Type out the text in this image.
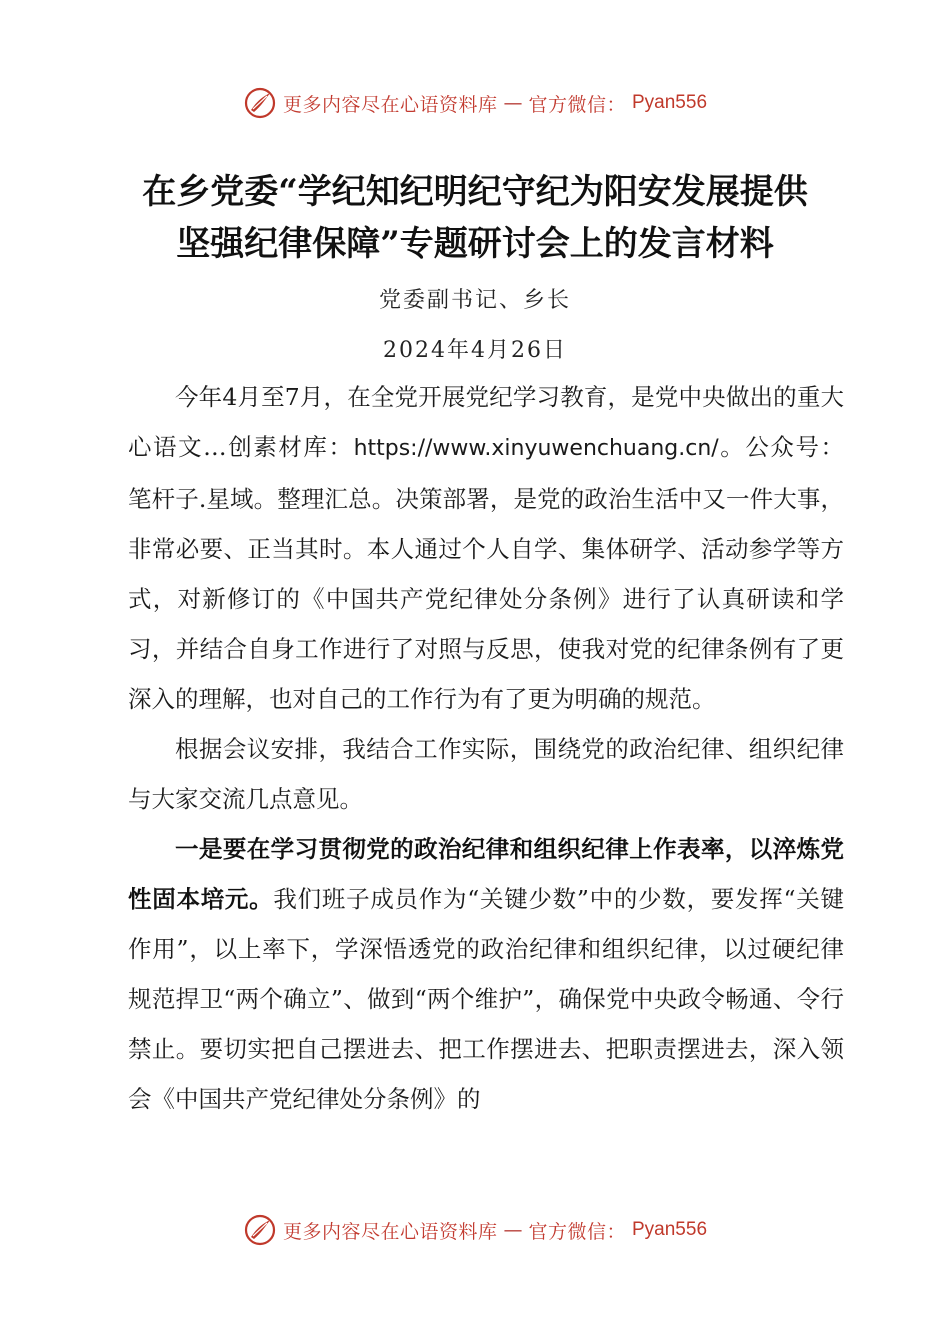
更多内容尽在心语资料库 — 官方微信： Pyan556
在乡党委“学纪知纪明纪守纪为阳安发展提供
坚强纪律保障”专题研讨会上的发言材料
党委副书记、乡长
2024年4月26日

今年4月至7月，在全党开展党纪学习教育，是党中央做出的重大心语文…创素材库：https://www.xinyuwenchuang.cn/。公众号：笔杆子.星域。整理汇总。决策部署，是党的政治生活中又一件大事，非常必要、正当其时。本人通过个人自学、集体研学、活动参学等方式，对新修订的《中国共产党纪律处分条例》进行了认真研读和学习，并结合自身工作进行了对照与反思，使我对党的纪律条例有了更深入的理解，也对自己的工作行为有了更为明确的规范。

根据会议安排，我结合工作实际，围绕党的政治纪律、组织纪律与大家交流几点意见。

一是要在学习贯彻党的政治纪律和组织纪律上作表率，以淬炼党性固本培元。我们班子成员作为“关键少数”中的少数，要发挥“关键作用”，以上率下，学深悟透党的政治纪律和组织纪律，以过硬纪律规范捍卫“两个确立”、做到“两个维护”，确保党中央政令畅通、令行禁止。要切实把自己摆进去、把工作摆进去、把职责摆进去，深入领会《中国共产党纪律处分条例》的

更多内容尽在心语资料库 — 官方微信： Pyan556
